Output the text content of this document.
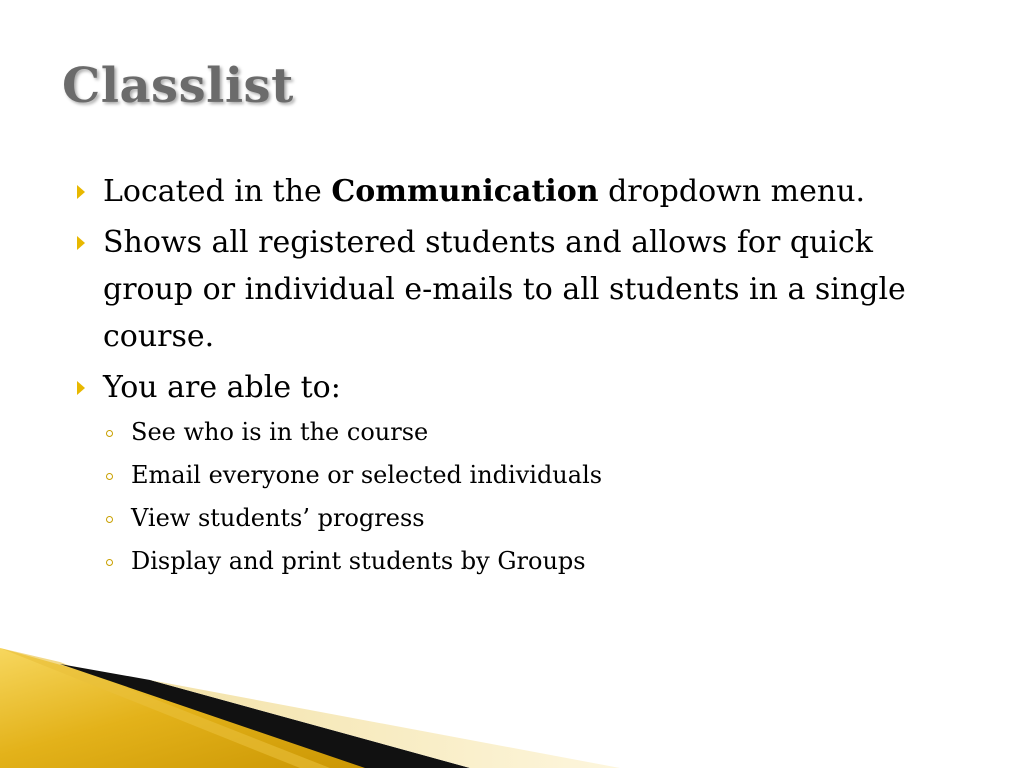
Classlist
Located in the Communication dropdown menu.
Shows all registered students and allows for quick group or individual e-mails to all students in a single course.
You are able to:
See who is in the course
Email everyone or selected individuals
View students’ progress
Display and print students by Groups
